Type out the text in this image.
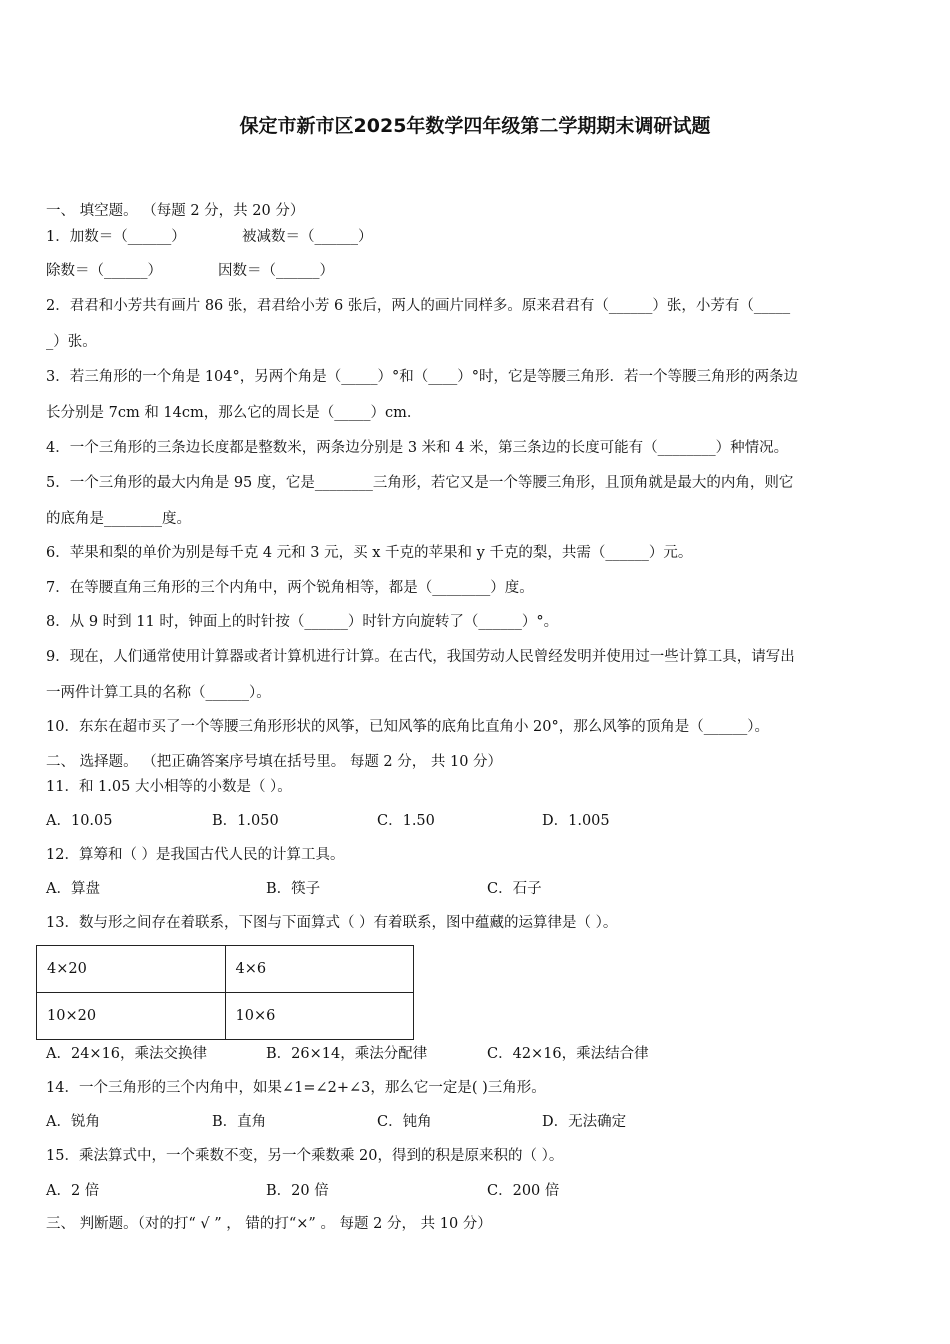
保定市新市区2025年数学四年级第二学期期末调研试题
一、 填空题。 （每题 2 分，共 20 分）
1．加数＝（______）	被减数＝（______）
除数＝（______）	因数＝（______）
2．君君和小芳共有画片 86 张，君君给小芳 6 张后，两人的画片同样多。原来君君有（______）张，小芳有（_____
_）张。
3．若三角形的一个角是 104°，另两个角是（_____）°和（____）°时，它是等腰三角形．若一个等腰三角形的两条边
长分别是 7cm 和 14cm，那么它的周长是（_____）cm．
4．一个三角形的三条边长度都是整数米，两条边分别是 3 米和 4 米，第三条边的长度可能有（________）种情况。
5．一个三角形的最大内角是 95 度，它是________三角形，若它又是一个等腰三角形，且顶角就是最大的内角，则它
的底角是________度。
6．苹果和梨的单价为别是每千克 4 元和 3 元，买 x 千克的苹果和 y 千克的梨，共需（______）元。
7．在等腰直角三角形的三个内角中，两个锐角相等，都是（________）度。
8．从 9 时到 11 时，钟面上的时针按（______）时针方向旋转了（______）°。
9．现在，人们通常使用计算器或者计算机进行计算。在古代，我国劳动人民曾经发明并使用过一些计算工具，请写出
一两件计算工具的名称（______）。
10．东东在超市买了一个等腰三角形形状的风筝，已知风筝的底角比直角小 20°，那么风筝的顶角是（______）。
二、 选择题。 （把正确答案序号填在括号里。 每题 2 分， 共 10 分）
11．和 1.05 大小相等的小数是（ ）。
A．10.05	B．1.050	C．1.50	D．1.005
12．算筹和（ ）是我国古代人民的计算工具。
A．算盘	B．筷子	C．石子
13．数与形之间存在着联系，下图与下面算式（ ）有着联系，图中蕴藏的运算律是（ ）。
4×20	4×6
10×20	10×6
A．24×16，乘法交换律	B．26×14，乘法分配律	C．42×16，乘法结合律
14．一个三角形的三个内角中，如果∠1=∠2+∠3，那么它一定是( )三角形。
A．锐角	B．直角	C．钝角	D．无法确定
15．乘法算式中，一个乘数不变，另一个乘数乘 20，得到的积是原来积的（ ）。
A．2 倍	B．20 倍	C．200 倍
三、 判断题。（对的打“ √ ” ， 错的打“×” 。 每题 2 分， 共 10 分）
